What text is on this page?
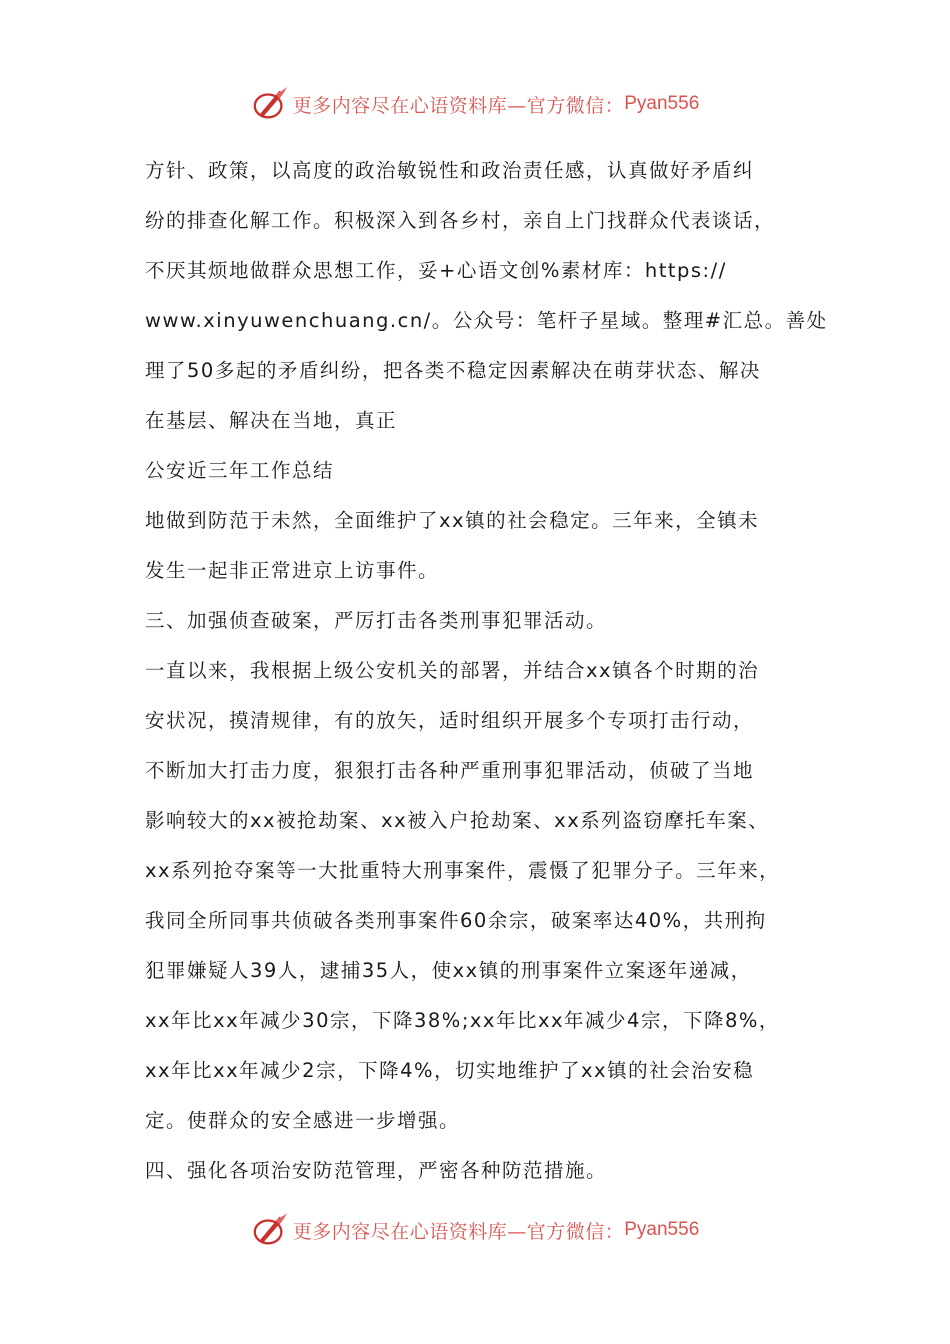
更多内容尽在心语资料库—官方微信： Pyan556
方针、政策，以高度的政治敏锐性和政治责任感，认真做好矛盾纠
纷的排查化解工作。积极深入到各乡村，亲自上门找群众代表谈话，
不厌其烦地做群众思想工作，妥+心语文创%素材库：https://
www.xinyuwenchuang.cn/。公众号：笔杆子星域。整理#汇总。善处
理了50多起的矛盾纠纷，把各类不稳定因素解决在萌芽状态、解决
在基层、解决在当地，真正
公安近三年工作总结
地做到防范于未然，全面维护了xx镇的社会稳定。三年来，全镇未
发生一起非正常进京上访事件。
三、加强侦查破案，严厉打击各类刑事犯罪活动。
一直以来，我根据上级公安机关的部署，并结合xx镇各个时期的治
安状况，摸清规律，有的放矢，适时组织开展多个专项打击行动，
不断加大打击力度，狠狠打击各种严重刑事犯罪活动，侦破了当地
影响较大的xx被抢劫案、xx被入户抢劫案、xx系列盗窃摩托车案、
xx系列抢夺案等一大批重特大刑事案件，震慑了犯罪分子。三年来，
我同全所同事共侦破各类刑事案件60余宗，破案率达40%，共刑拘
犯罪嫌疑人39人，逮捕35人，使xx镇的刑事案件立案逐年递减，
xx年比xx年减少30宗，下降38%;xx年比xx年减少4宗，下降8%，
xx年比xx年减少2宗，下降4%，切实地维护了xx镇的社会治安稳
定。使群众的安全感进一步增强。
四、强化各项治安防范管理，严密各种防范措施。
更多内容尽在心语资料库—官方微信： Pyan556
